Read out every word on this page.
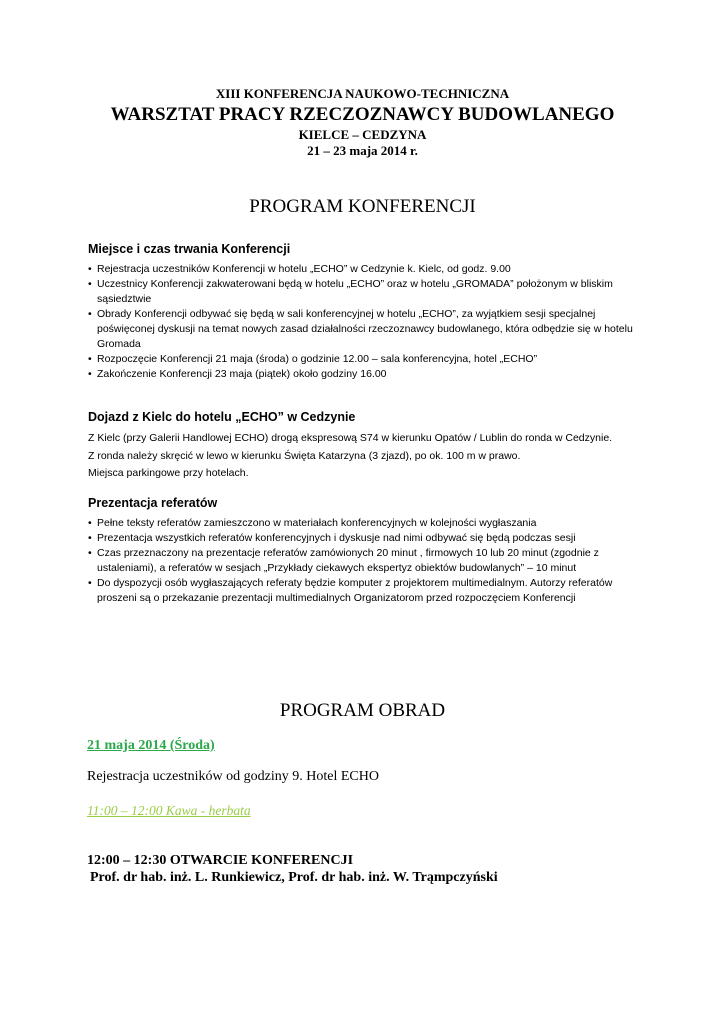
XIII KONFERENCJA NAUKOWO-TECHNICZNA
WARSZTAT PRACY RZECZOZNAWCY BUDOWLANEGO
KIELCE – CEDZYNA
21 – 23 maja 2014 r.
PROGRAM KONFERENCJI
Miejsce i czas trwania Konferencji
• Rejestracja uczestników Konferencji w hotelu „ECHO” w Cedzynie k. Kielc, od godz. 9.00
• Uczestnicy Konferencji zakwaterowani będą w hotelu „ECHO” oraz w hotelu „GROMADA” położonym w bliskim sąsiedztwie
• Obrady Konferencji odbywać się będą w sali konferencyjnej w hotelu „ECHO”, za wyjątkiem sesji specjalnej poświęconej dyskusji na temat nowych zasad działalności rzeczoznawcy budowlanego, która odbędzie się w hotelu Gromada
• Rozpoczęcie Konferencji 21 maja (środa) o godzinie 12.00 – sala konferencyjna, hotel „ECHO”
• Zakończenie Konferencji 23 maja (piątek) około godziny 16.00
Dojazd z Kielc do hotelu „ECHO” w Cedzynie

Z Kielc (przy Galerii Handlowej ECHO) drogą ekspresową S74 w kierunku Opatów / Lublin do ronda w Cedzynie.

Z ronda należy skręcić w lewo w kierunku Święta Katarzyna (3 zjazd), po ok. 100 m w prawo.

Miejsca parkingowe przy hotelach.

Prezentacja referatów
• Pełne teksty referatów zamieszczono w materiałach konferencyjnych w kolejności wygłaszania
• Prezentacja wszystkich referatów konferencyjnych i dyskusje nad nimi odbywać się będą podczas sesji
• Czas przeznaczony na prezentacje referatów zamówionych 20 minut , firmowych 10 lub 20 minut (zgodnie z ustaleniami), a referatów w sesjach „Przykłady ciekawych ekspertyz obiektów budowlanych” – 10 minut
• Do dyspozycji osób wygłaszających referaty będzie komputer z projektorem multimedialnym. Autorzy referatów proszeni są o przekazanie prezentacji multimedialnych Organizatorom przed rozpoczęciem Konferencji
PROGRAM OBRAD
21 maja 2014 (Środa)
Rejestracja uczestników od godziny 9. Hotel ECHO
11:00 – 12:00 Kawa - herbata
12:00 – 12:30 OTWARCIE KONFERENCJI
Prof. dr hab. inż. L. Runkiewicz, Prof. dr hab. inż. W. Trąmpczyński
